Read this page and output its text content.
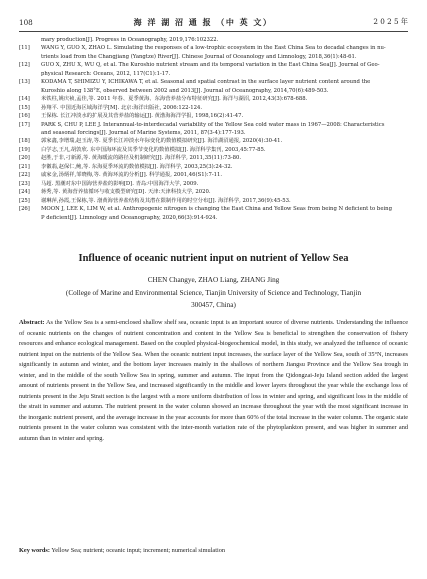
108	海 洋 湖 沼 通 报 （中 英 文）	2 0 2 5 年
mary production[J]. Progress in Oceanography, 2019,176:102322.
[11]	WANG Y, GUO X, ZHAO L. Simulating the responses of a low-trophic ecosystem in the East China Sea to decadal changes in nu-
trients load from the Changjiang (Yangtze) River[J]. Chinese Journal of Oceanology and Limnology, 2018,36(1):48-61.
[12]	GUO X, ZHU X, WU Q, et al. The Kuroshio nutrient stream and its temporal variation in the East China Sea[J]. Journal of Geo-
physical Research: Oceans, 2012, 117(C1):1-17.
[13]	KODAMA T, SHIMIZU Y, ICHIKAWA T, et al. Seasonal and spatial contrast in the surface layer nutrient content around the
Kuroshio along 138°E, observed between 2002 and 2013[J]. Journal of Oceanography, 2014,70(6):489-503.
[14]	米铁柱,姚庆祯,孟佳,等. 2011 年春、夏季黄海、东海营养盐分布特征研究[J]. 海洋与湖沼, 2012,43(3):678-688.
[15]	孙翔平. 中国近海区域海洋学[M]. 北京:海洋出版社, 2006:122-124.
[16]	王保栋. 长江冲淡水的扩展及其营养盐的输运[J]. 黄渤海海洋学报, 1998,16(2):41-47.
[17]	PARK S, CHU P, LEE J. Interannual-to-interdecadal variability of the Yellow Sea cold water mass in 1967—2008: Characteristics
and seasonal forcings[J]. Journal of Marine Systems, 2011, 87(3-4):177-193.
[18]	郭家鑫,李增瑞,赵玉涛,等. 夏季长江冲淡水年际变化的数值模拟研究[J]. 海洋湖沼通报, 2020(4):30-41.
[19]	白学志,王凡,胡敦欣. 东中国海环流及其季节变化的数值模拟[J]. 海洋科学集刊, 2003,45:77-85.
[20]	赵胜,于非,刁新源,等. 黄海暖流的路径及机制研究[J]. 海洋科学, 2011,35(11):73-80.
[21]	李徽翡,赵保仁,鲍,等. 东海夏季环流的数值模拟[J]. 海洋科学, 2003,25(3):24-32.
[22]	戚家金,汤炳祥,邹晓梅,等. 黄海环流的分析[J]. 科学通报, 2001,46(S1):7-11.
[23]	马超. 黑潮对东中国海营养盐的影响[D]. 青岛:中国海洋大学, 2009.
[24]	蒋秀,等. 黄海营养盐循环与收支模型研究[D]. 天津:天津科技大学, 2020.
[25]	谢琳萍,孙霞,王保栋,等. 渤黄海营养盐结构及其潜在限制作用的时空分布[J]. 海洋科学, 2017,36(9):45-53.
[26]	MOON J, LEE K, LIM W, et al. Anthropogenic nitrogen is changing the East China and Yellow Seas from being N deficient to being
P deficient[J]. Limnology and Oceanography, 2020,66(3):914-924.
Influence of oceanic nutrient input on nutrient of Yellow Sea
CHEN Changye, ZHAO Liang, ZHANG Jing
(College of Marine and Environmental Science, Tianjin University of Science and Technology, Tianjin 300457, China)
Abstract: As the Yellow Sea is a semi-enclosed shallow shelf sea, oceanic input is an important source of diverse nutrients. Understanding the influence of oceanic nutrients on the changes of nutrient concentration and content in the Yellow Sea is beneficial to strengthen the conservation of fishery resources and enhance ecological management. Based on the coupled physical-biogeochemical model, in this study, we analyzed the influence of oceanic nutrient input on the nutrients of the Yellow Sea. When the oceanic nutrient input increases, the surface layer of the Yellow Sea, south of 35°N, increases significantly in autumn and winter, and the bottom layer increases mainly in the shallows of northern Jiangsu Province and the Yellow Sea trough in winter, and in the middle of the south Yellow Sea in spring, summer and autumn. The input from the Qidongzai-Jeju Island section added the largest amount of nutrients present in the Yellow Sea, and increased significantly in the middle and lower layers throughout the year while the exchange loss of nutrients present in the Jeju Strait section is the largest with a more uniform distribution of loss in winter and spring, and significant loss in the middle of the strait in summer and autumn. The nutrient present in the water column showed an increase throughout the year with the most significant increase in the inorganic nutrient present, and the average increase in the year accounts for more than 60% of the total increase in the water column. The organic state nutrients present in the water column was consistent with the inter-month variation rate of the phytoplankton present, and was higher in summer and autumn than in winter and spring.
Key words: Yellow Sea; nutrient; oceanic input; increment; numerical simulation
